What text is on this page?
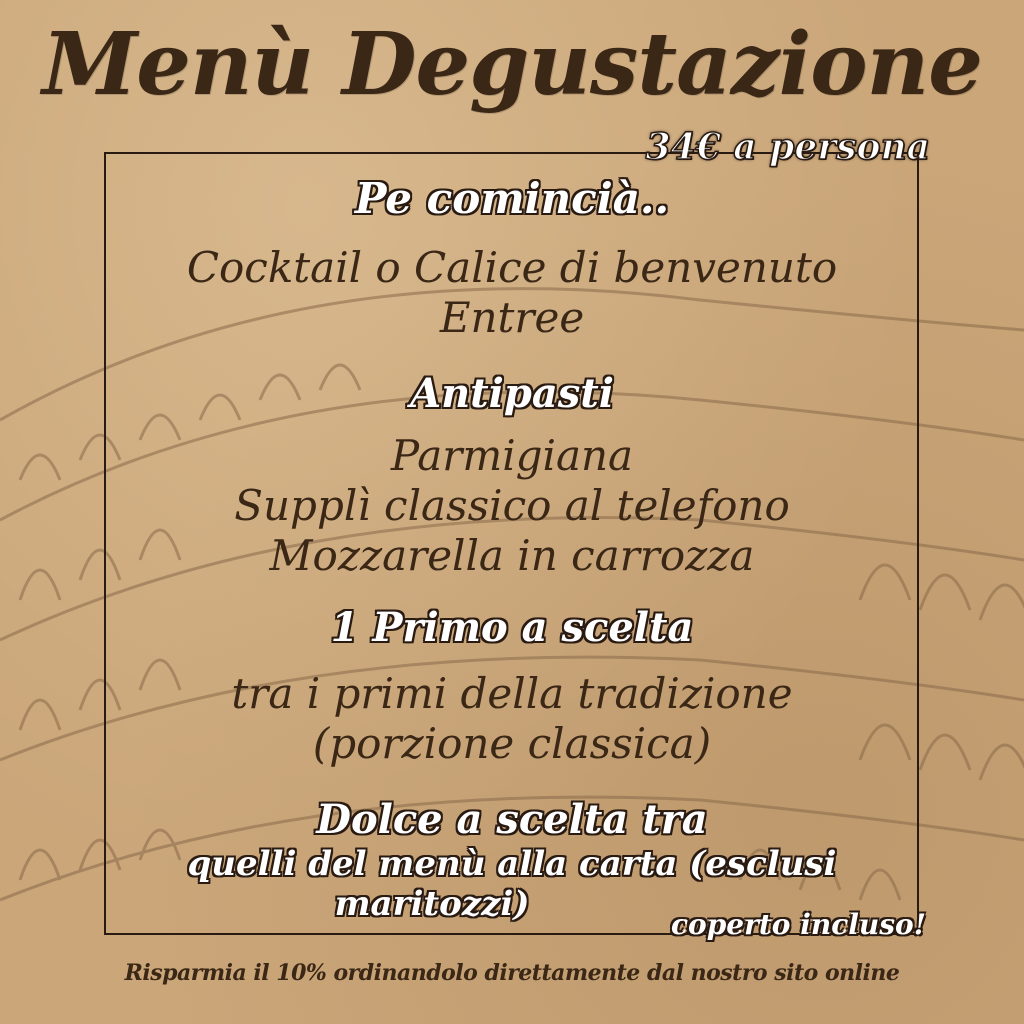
Menù Degustazione
34€ a persona
Pe comincià..
Cocktail o Calice di benvenuto
Entree
Antipasti
Parmigiana
Supplì classico al telefono
Mozzarella in carrozza
1 Primo a scelta
tra i primi della tradizione
(porzione classica)
Dolce a scelta tra
quelli del menù alla carta (esclusi
maritozzi)
coperto incluso!
Risparmia il 10% ordinandolo direttamente dal nostro sito online
